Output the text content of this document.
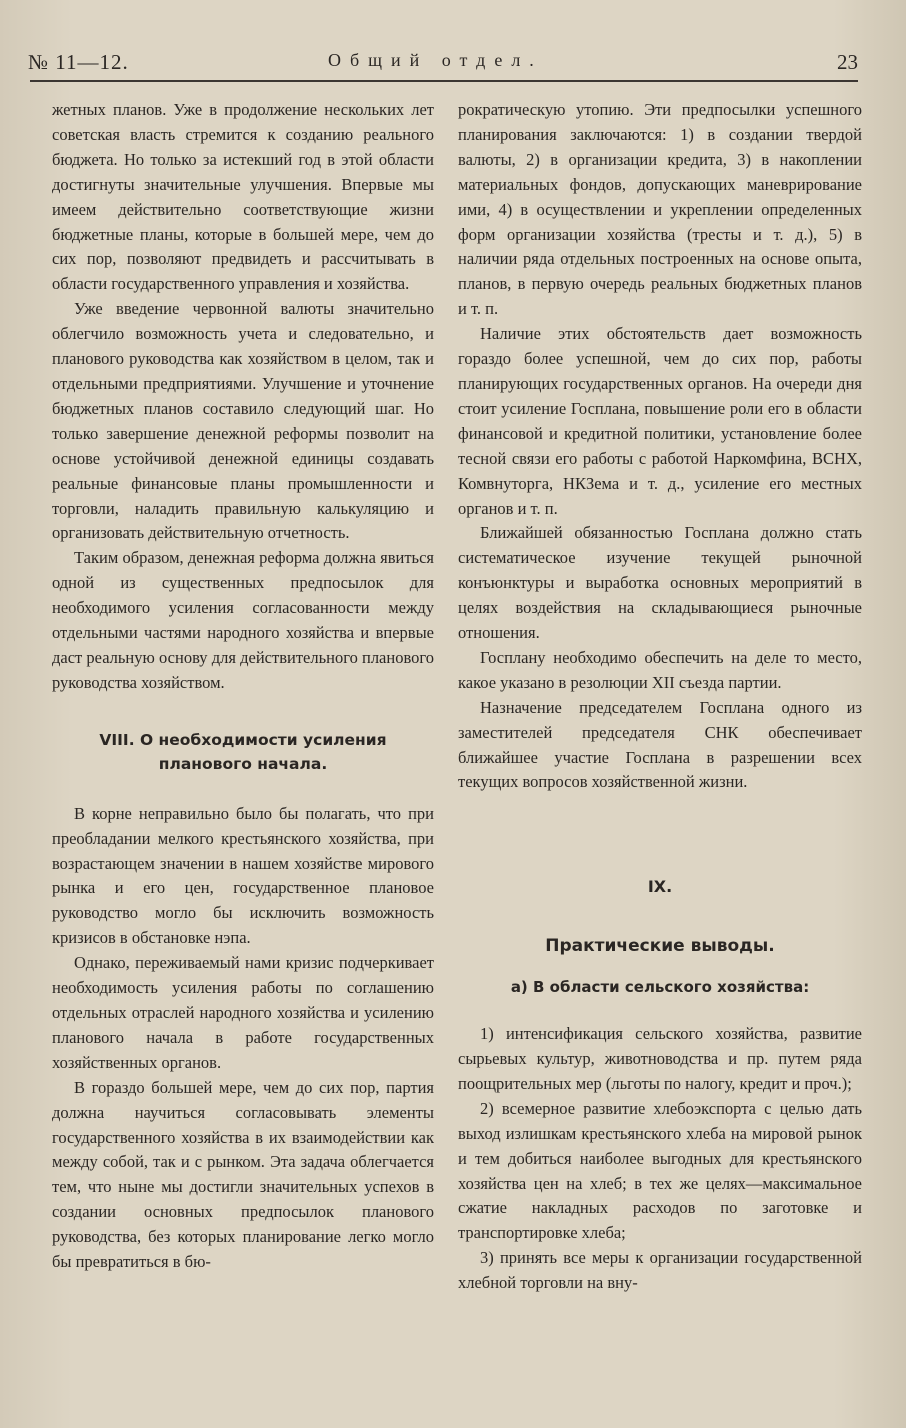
№ 11—12.	Общий отдел.	23

жетных планов. Уже в продолжение нескольких лет советская власть стремится к созданию реального бюджета. Но только за истекший год в этой области достигнуты значительные улучшения. Впервые мы имеем действительно соответствующие жизни бюджетные планы, которые в большей мере, чем до сих пор, позволяют предвидеть и рассчитывать в области государственного управления и хозяйства.

Уже введение червонной валюты значительно облегчило возможность учета и следовательно, и планового руководства как хозяйством в целом, так и отдельными предприятиями. Улучшение и уточнение бюджетных планов составило следующий шаг. Но только завершение денежной реформы позволит на основе устойчивой денежной единицы создавать реальные финансовые планы промышленности и торговли, наладить правильную калькуляцию и организовать действительную отчетность.

Таким образом, денежная реформа должна явиться одной из существенных предпосылок для необходимого усиления согласованности между отдельными частями народного хозяйства и впервые даст реальную основу для действительного планового руководства хозяйством.

VIII. О необходимости усиления планового начала.

В корне неправильно было бы полагать, что при преобладании мелкого крестьянского хозяйства, при возрастающем значении в нашем хозяйстве мирового рынка и его цен, государственное плановое руководство могло бы исключить возможность кризисов в обстановке нэпа.

Однако, переживаемый нами кризис подчеркивает необходимость усиления работы по соглашению отдельных отраслей народного хозяйства и усилению планового начала в работе государственных хозяйственных органов.

В гораздо большей мере, чем до сих пор, партия должна научиться согласовывать элементы государственного хозяйства в их взаимодействии как между собой, так и с рынком. Эта задача облегчается тем, что ныне мы достигли значительных успехов в создании основных предпосылок планового руководства, без которых планирование легко могло бы превратиться в бю-

рократическую утопию. Эти предпосылки успешного планирования заключаются: 1) в создании твердой валюты, 2) в организации кредита, 3) в накоплении материальных фондов, допускающих маневрирование ими, 4) в осуществлении и укреплении определенных форм организации хозяйства (тресты и т. д.), 5) в наличии ряда отдельных построенных на основе опыта, планов, в первую очередь реальных бюджетных планов и т. п.

Наличие этих обстоятельств дает возможность гораздо более успешной, чем до сих пор, работы планирующих государственных органов. На очереди дня стоит усиление Госплана, повышение роли его в области финансовой и кредитной политики, установление более тесной связи его работы с работой Наркомфина, ВСНХ, Комвнуторга, НКЗема и т. д., усиление его местных органов и т. п.

Ближайшей обязанностью Госплана должно стать систематическое изучение текущей рыночной конъюнктуры и выработка основных мероприятий в целях воздействия на складывающиеся рыночные отношения.

Госплану необходимо обеспечить на деле то место, какое указано в резолюции XII съезда партии.

Назначение председателем Госплана одного из заместителей председателя СНК обеспечивает ближайшее участие Госплана в разрешении всех текущих вопросов хозяйственной жизни.

IX.
Практические выводы.
а) В области сельского хозяйства:

1) интенсификация сельского хозяйства, развитие сырьевых культур, животноводства и пр. путем ряда поощрительных мер (льготы по налогу, кредит и проч.);

2) всемерное развитие хлебоэкспорта с целью дать выход излишкам крестьянского хлеба на мировой рынок и тем добиться наиболее выгодных для крестьянского хозяйства цен на хлеб; в тех же целях—максимальное сжатие накладных расходов по заготовке и транспортировке хлеба;

3) принять все меры к организации государственной хлебной торговли на вну-
